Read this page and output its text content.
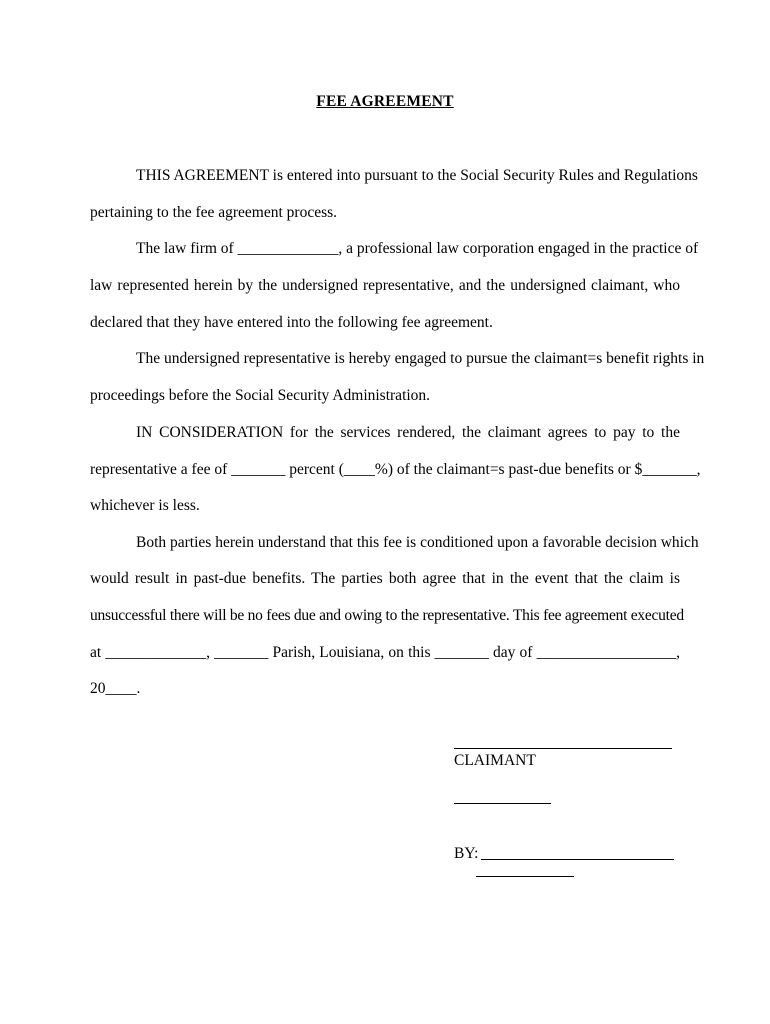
FEE AGREEMENT
THIS AGREEMENT is entered into pursuant to the Social Security Rules and Regulations
pertaining to the fee agreement process.
The law firm of _____________, a professional law corporation engaged in the practice of
law represented herein by the undersigned representative, and the undersigned claimant, who
declared that they have entered into the following fee agreement.
The undersigned representative is hereby engaged to pursue the claimant=s benefit rights in
proceedings before the Social Security Administration.
IN CONSIDERATION for the services rendered, the claimant agrees to pay to the
representative a fee of _______ percent (____%) of the claimant=s past-due benefits or $_______,
whichever is less.
Both parties herein understand that this fee is conditioned upon a favorable decision which
would result in past-due benefits. The parties both agree that in the event that the claim is
unsuccessful there will be no fees due and owing to the representative. This fee agreement executed
at _____________, _______ Parish, Louisiana, on this _______ day of __________________,
20____.
CLAIMANT
BY:
